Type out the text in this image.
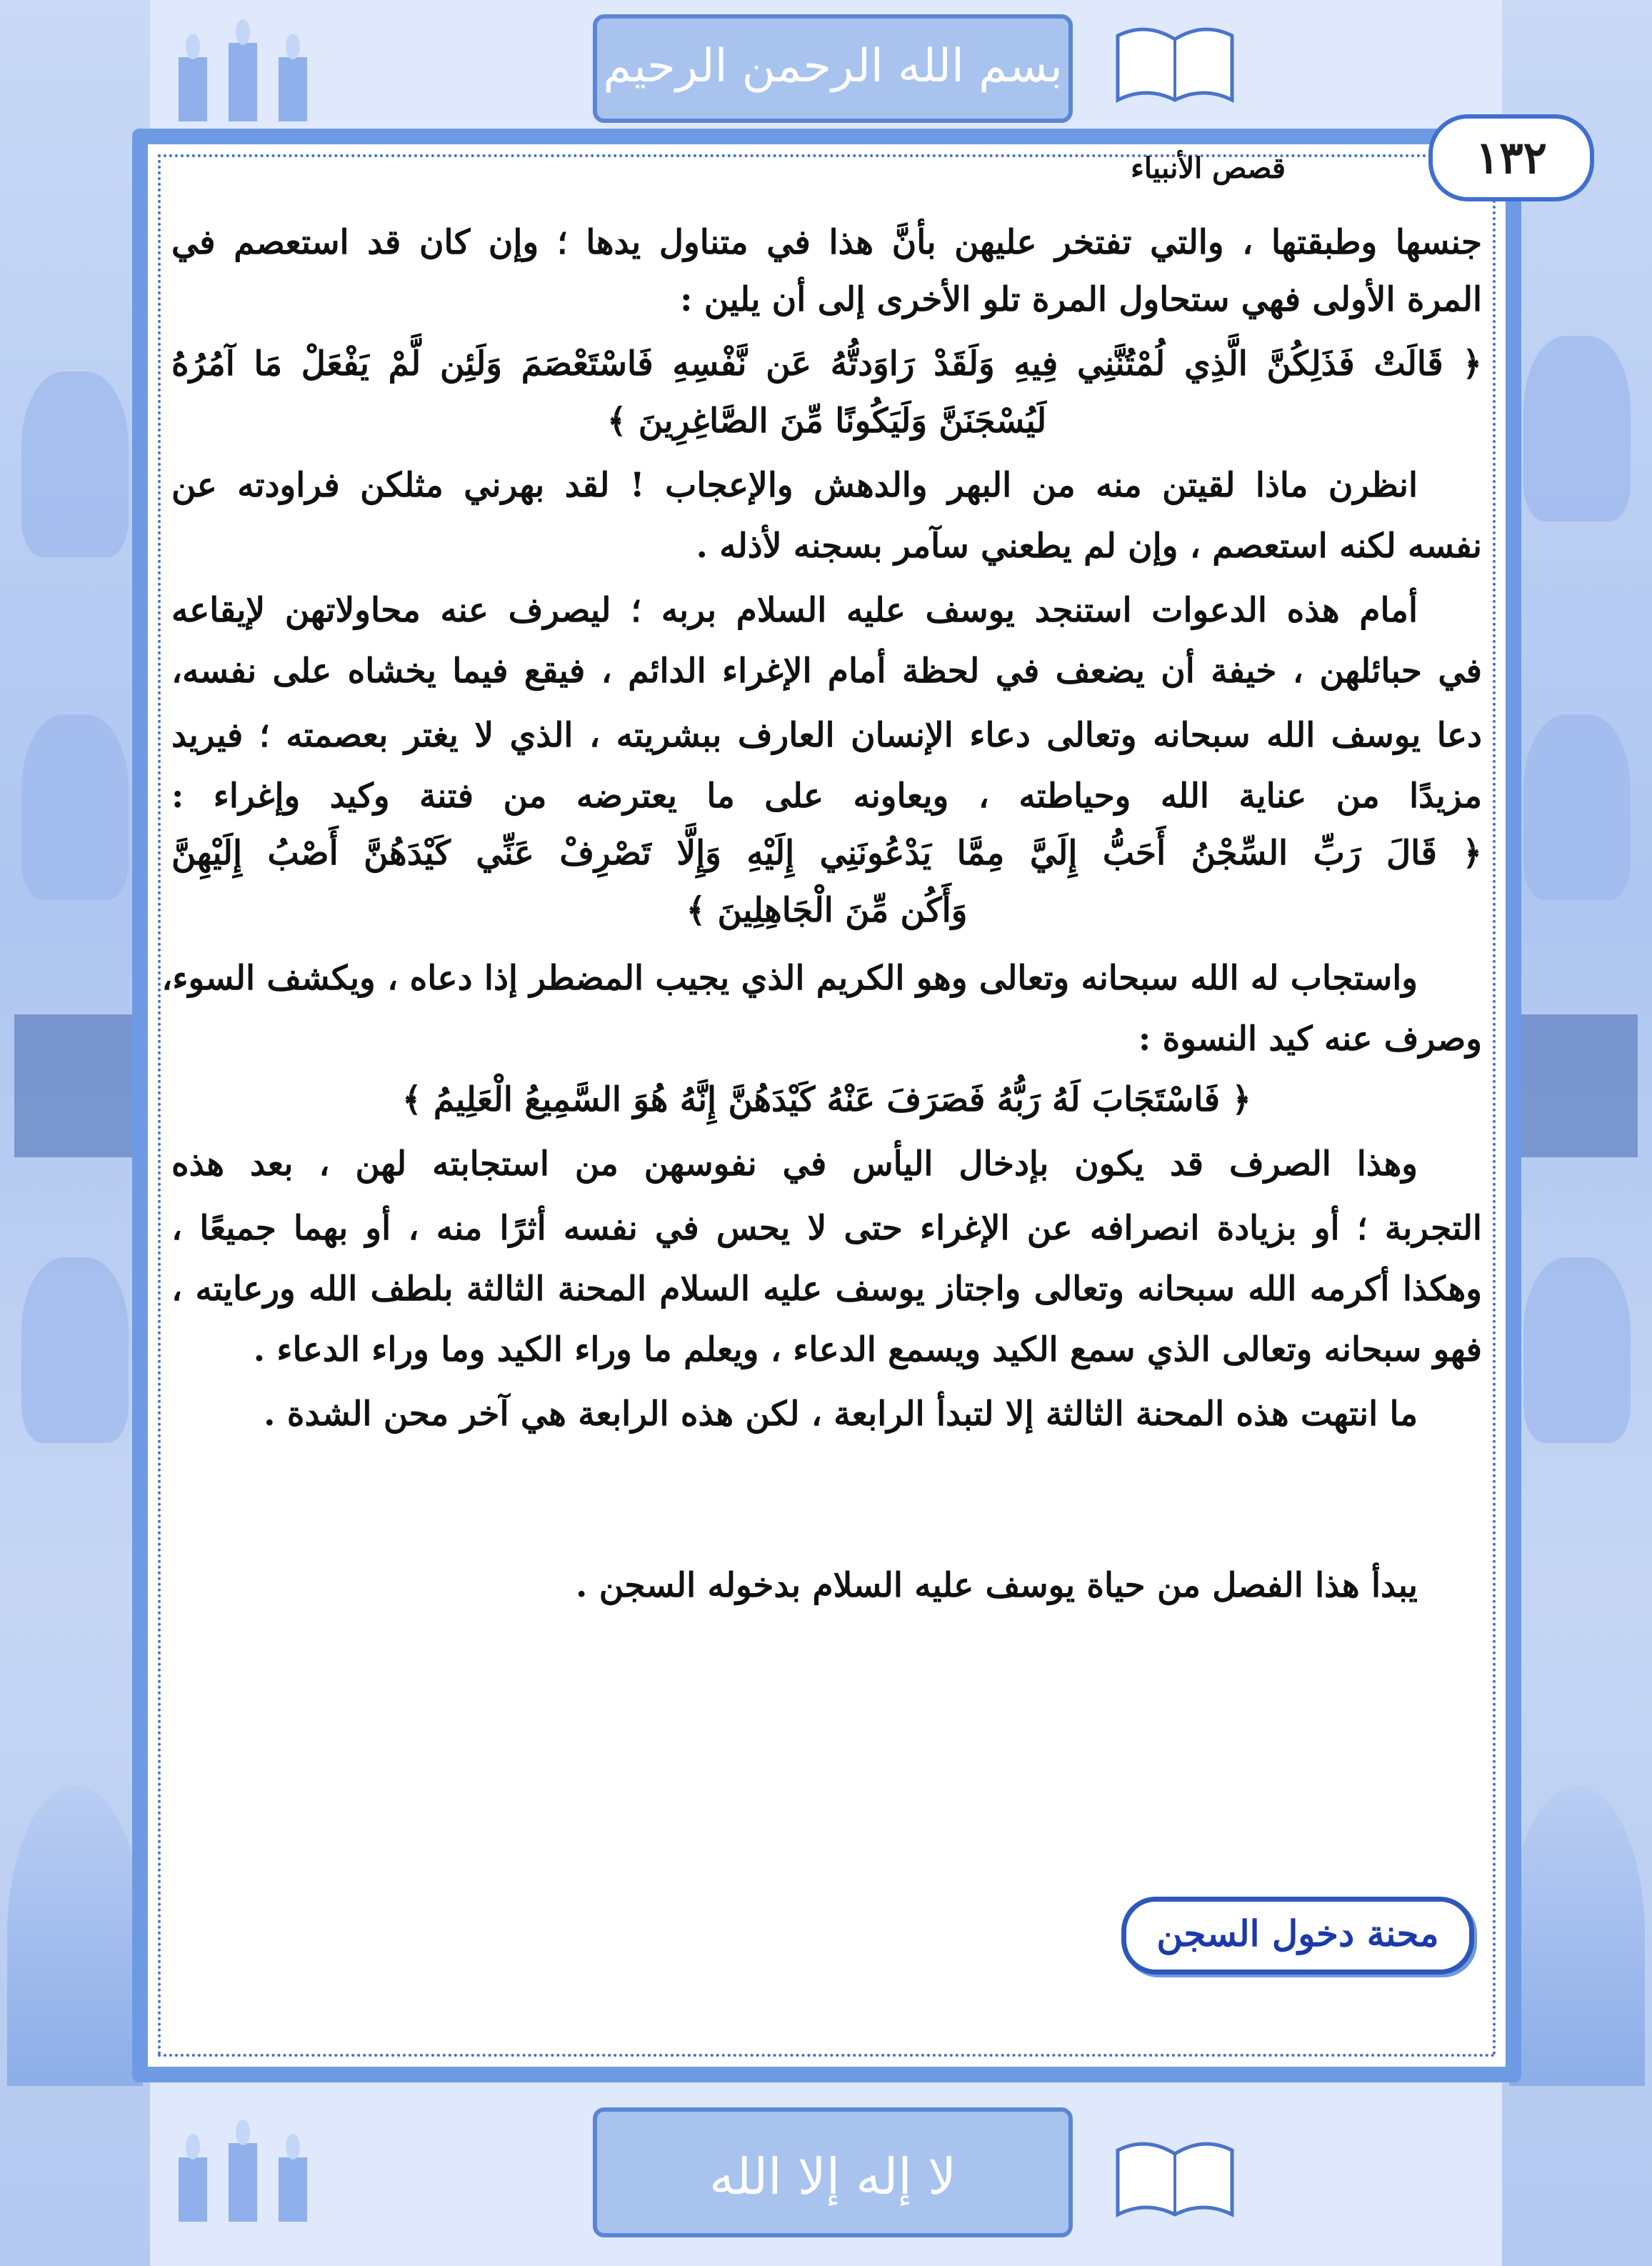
بسم الله الرحمن الرحيم
١٣٢
قصص الأنبياء
جنسها وطبقتها ، والتي تفتخر عليهن بأنَّ هذا في متناول يدها ؛ وإن كان قد استعصم في
المرة الأولى فهي ستحاول المرة تلو الأخرى إلى أن يلين :
﴿ قَالَتْ فَذَلِكُنَّ الَّذِي لُمْتُنَّنِي فِيهِ وَلَقَدْ رَاوَدتُّهُ عَن نَّفْسِهِ فَاسْتَعْصَمَ وَلَئِن لَّمْ يَفْعَلْ مَا آمُرُهُ
لَيُسْجَنَنَّ وَلَيَكُونًا مِّنَ الصَّاغِرِينَ ﴾
انظرن ماذا لقيتن منه من البهر والدهش والإعجاب ! لقد بهرني مثلكن فراودته عن
نفسه لكنه استعصم ، وإن لم يطعني سآمر بسجنه لأذله .
أمام هذه الدعوات استنجد يوسف عليه السلام بربه ؛ ليصرف عنه محاولاتهن لإيقاعه
في حبائلهن ، خيفة أن يضعف في لحظة أمام الإغراء الدائم ، فيقع فيما يخشاه على نفسه،
دعا يوسف الله سبحانه وتعالى دعاء الإنسان العارف ببشريته ، الذي لا يغتر بعصمته ؛ فيريد
مزيدًا من عناية الله وحياطته ، ويعاونه على ما يعترضه من فتنة وكيد وإغراء :
﴿ قَالَ رَبِّ السِّجْنُ أَحَبُّ إِلَيَّ مِمَّا يَدْعُونَنِي إِلَيْهِ وَإِلَّا تَصْرِفْ عَنِّي كَيْدَهُنَّ أَصْبُ إِلَيْهِنَّ
وَأَكُن مِّنَ الْجَاهِلِينَ ﴾
واستجاب له الله سبحانه وتعالى وهو الكريم الذي يجيب المضطر إذا دعاه ، ويكشف السوء،
وصرف عنه كيد النسوة :
﴿ فَاسْتَجَابَ لَهُ رَبُّهُ فَصَرَفَ عَنْهُ كَيْدَهُنَّ إِنَّهُ هُوَ السَّمِيعُ الْعَلِيمُ ﴾
وهذا الصرف قد يكون بإدخال اليأس في نفوسهن من استجابته لهن ، بعد هذه
التجربة ؛ أو بزيادة انصرافه عن الإغراء حتى لا يحس في نفسه أثرًا منه ، أو بهما جميعًا ،
وهكذا أكرمه الله سبحانه وتعالى واجتاز يوسف عليه السلام المحنة الثالثة بلطف الله ورعايته ،
فهو سبحانه وتعالى الذي سمع الكيد ويسمع الدعاء ، ويعلم ما وراء الكيد وما وراء الدعاء .
ما انتهت هذه المحنة الثالثة إلا لتبدأ الرابعة ، لكن هذه الرابعة هي آخر محن الشدة .
يبدأ هذا الفصل من حياة يوسف عليه السلام بدخوله السجن .
محنة دخول السجن
لا إله إلا الله
